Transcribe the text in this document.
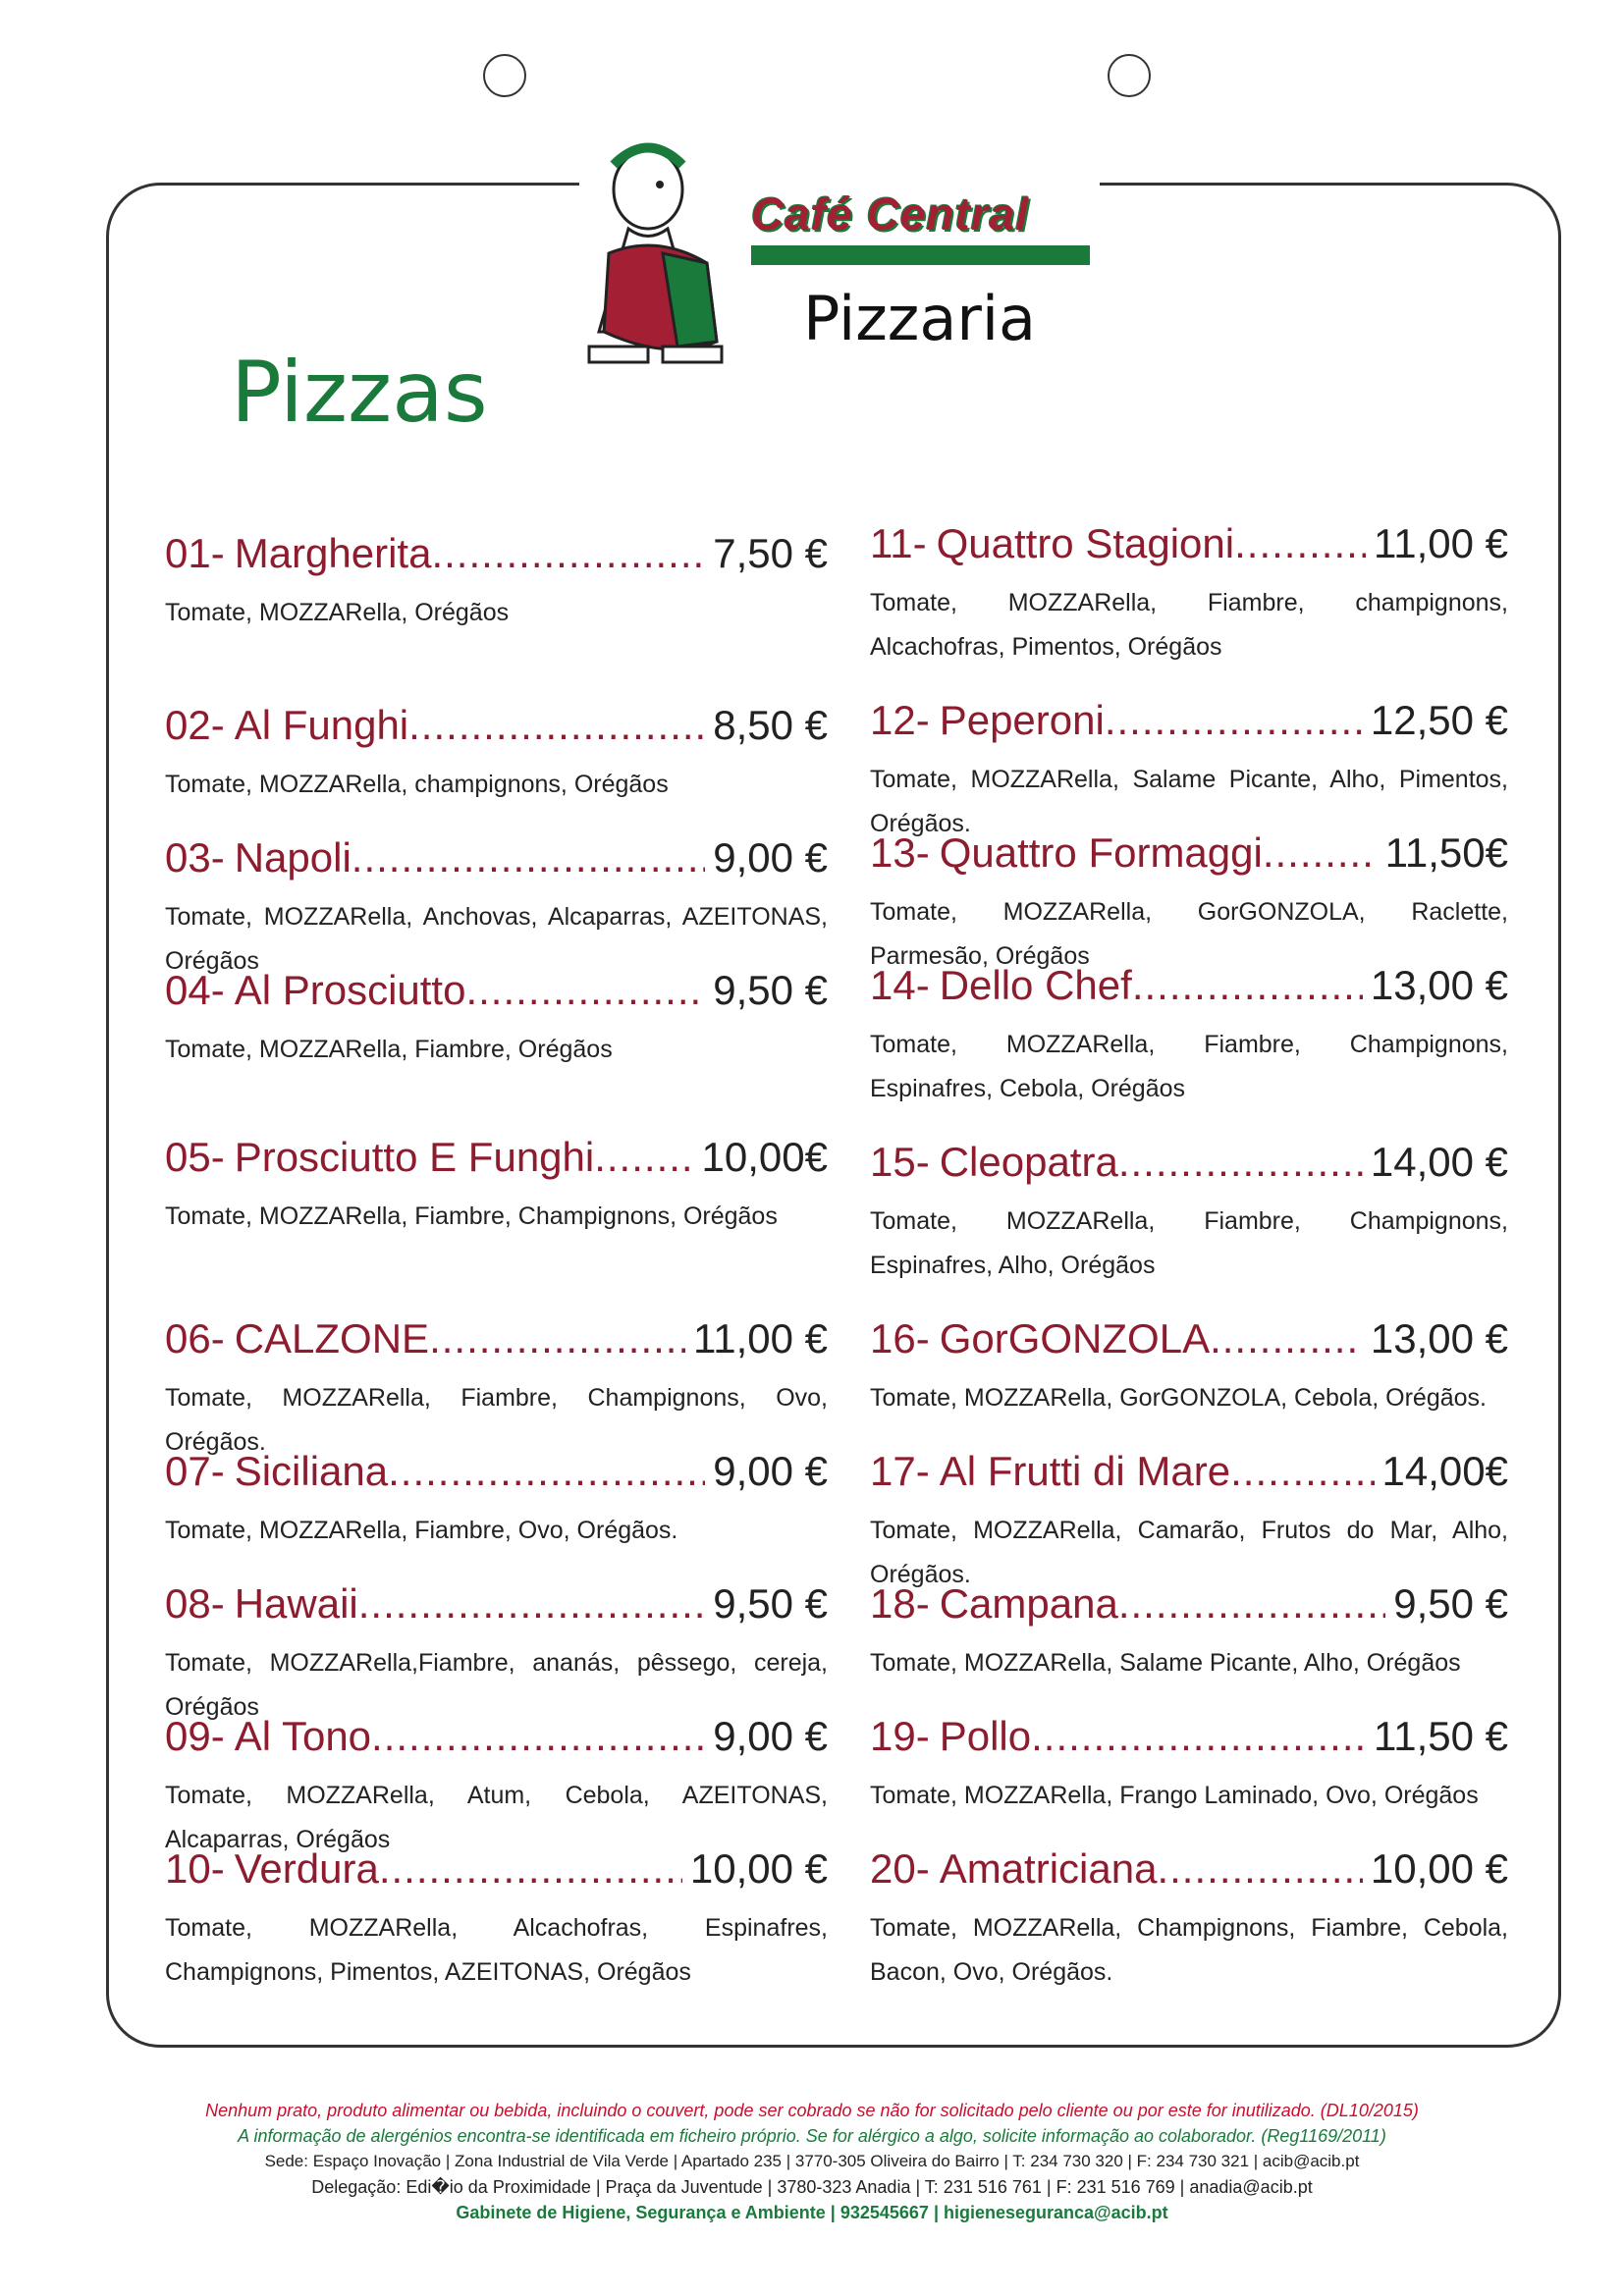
Café Central
Pizzaria
Pizzas
01- Margherita .....	7,50 €
Tomate, MOZZARella, Orégãos
02- Al Funghi .....	8,50 €
Tomate, MOZZARella, champignons, Orégãos
03- Napoli .....	9,00 €
Tomate, MOZZARella, Anchovas, Alcaparras, AZEITONAS, Orégãos
04- Al Prosciutto .....	9,50 €
Tomate, MOZZARella, Fiambre, Orégãos
05- Prosciutto E Funghi .....	10,00€
Tomate, MOZZARella, Fiambre, Champignons, Orégãos
06- CALZONE .....	11,00 €
Tomate, MOZZARella, Fiambre, Champignons, Ovo, Orégãos.
07- Siciliana .....	9,00 €
Tomate, MOZZARella, Fiambre, Ovo, Orégãos.
08- Hawaii .....	9,50 €
Tomate, MOZZARella,Fiambre, ananás, pêssego, cereja, Orégãos
09- Al Tono .....	9,00 €
Tomate, MOZZARella, Atum, Cebola, AZEITONAS, Alcaparras, Orégãos
10- Verdura .....	10,00 €
Tomate, MOZZARella, Alcachofras, Espinafres, Champignons, Pimentos, AZEITONAS, Orégãos
11- Quattro Stagioni .....	11,00 €
Tomate, MOZZARella, Fiambre, champignons, Alcachofras, Pimentos, Orégãos
12- Peperoni .....	12,50 €
Tomate, MOZZARella, Salame Picante, Alho, Pimentos, Orégãos.
13- Quattro Formaggi .....	11,50€
Tomate, MOZZARella, GorGONZOLA, Raclette, Parmesão, Orégãos
14- Dello Chef .....	13,00 €
Tomate, MOZZARella, Fiambre, Champignons, Espinafres, Cebola, Orégãos
15- Cleopatra .....	14,00 €
Tomate, MOZZARella, Fiambre, Champignons, Espinafres, Alho, Orégãos
16- GorGONZOLA .....	13,00 €
Tomate, MOZZARella, GorGONZOLA, Cebola, Orégãos.
17- Al Frutti di Mare .....	14,00€
Tomate, MOZZARella, Camarão, Frutos do Mar, Alho, Orégãos.
18- Campana .....	9,50 €
Tomate, MOZZARella, Salame Picante, Alho, Orégãos
19- Pollo .....	11,50 €
Tomate, MOZZARella, Frango Laminado, Ovo, Orégãos
20- Amatriciana .....	10,00 €
Tomate, MOZZARella, Champignons, Fiambre, Cebola, Bacon, Ovo, Orégãos.
Nenhum prato, produto alimentar ou bebida, incluindo o couvert, pode ser cobrado se não for solicitado pelo cliente ou por este for inutilizado. (DL10/2015)
A informação de alergénios encontra-se identificada em ficheiro próprio. Se for alérgico a algo, solicite informação ao colaborador. (Reg1169/2011)
Sede: Espaço Inovação | Zona Industrial de Vila Verde | Apartado 235 | 3770-305 Oliveira do Bairro | T: 234 730 320 | F: 234 730 321 | acib@acib.pt
Delegação: Edi�io da Proximidade | Praça da Juventude | 3780-323 Anadia | T: 231 516 761 | F: 231 516 769 | anadia@acib.pt
Gabinete de Higiene, Segurança e Ambiente | 932545667 | higieneseguranca@acib.pt
